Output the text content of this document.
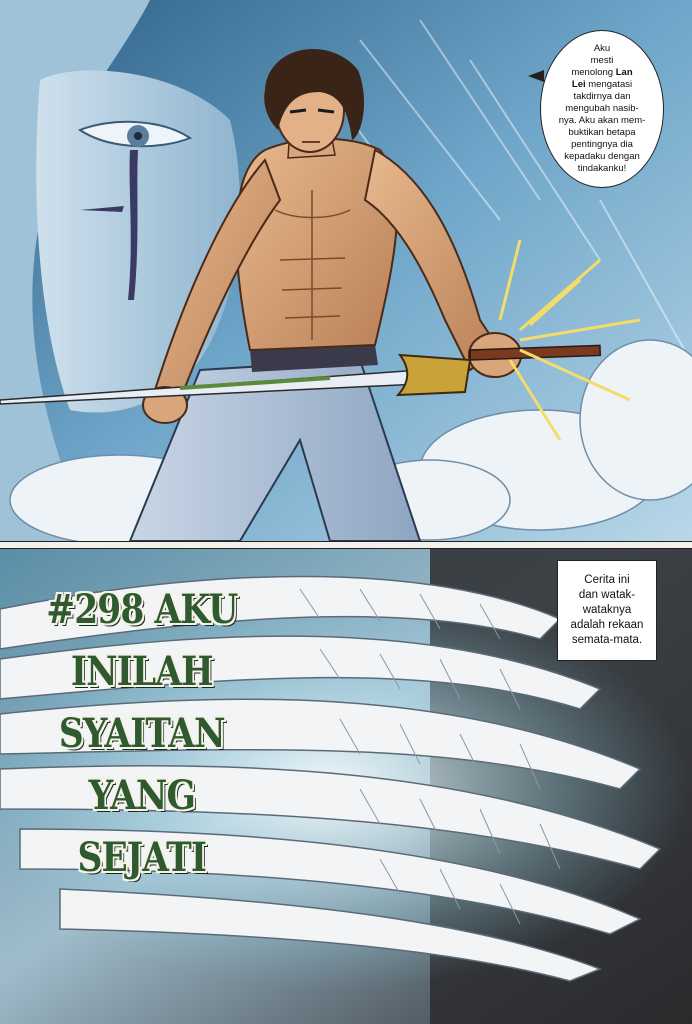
Aku
mesti
menolong Lan
Lei mengatasi
takdirnya dan
mengubah nasib-
nya. Aku akan mem-
buktikan betapa
pentingnya dia
kepadaku dengan
tindakanku!
#298 AKU
INILAH
SYAITAN
YANG
SEJATI
Cerita ini
dan watak-
wataknya
adalah rekaan
semata-mata.
